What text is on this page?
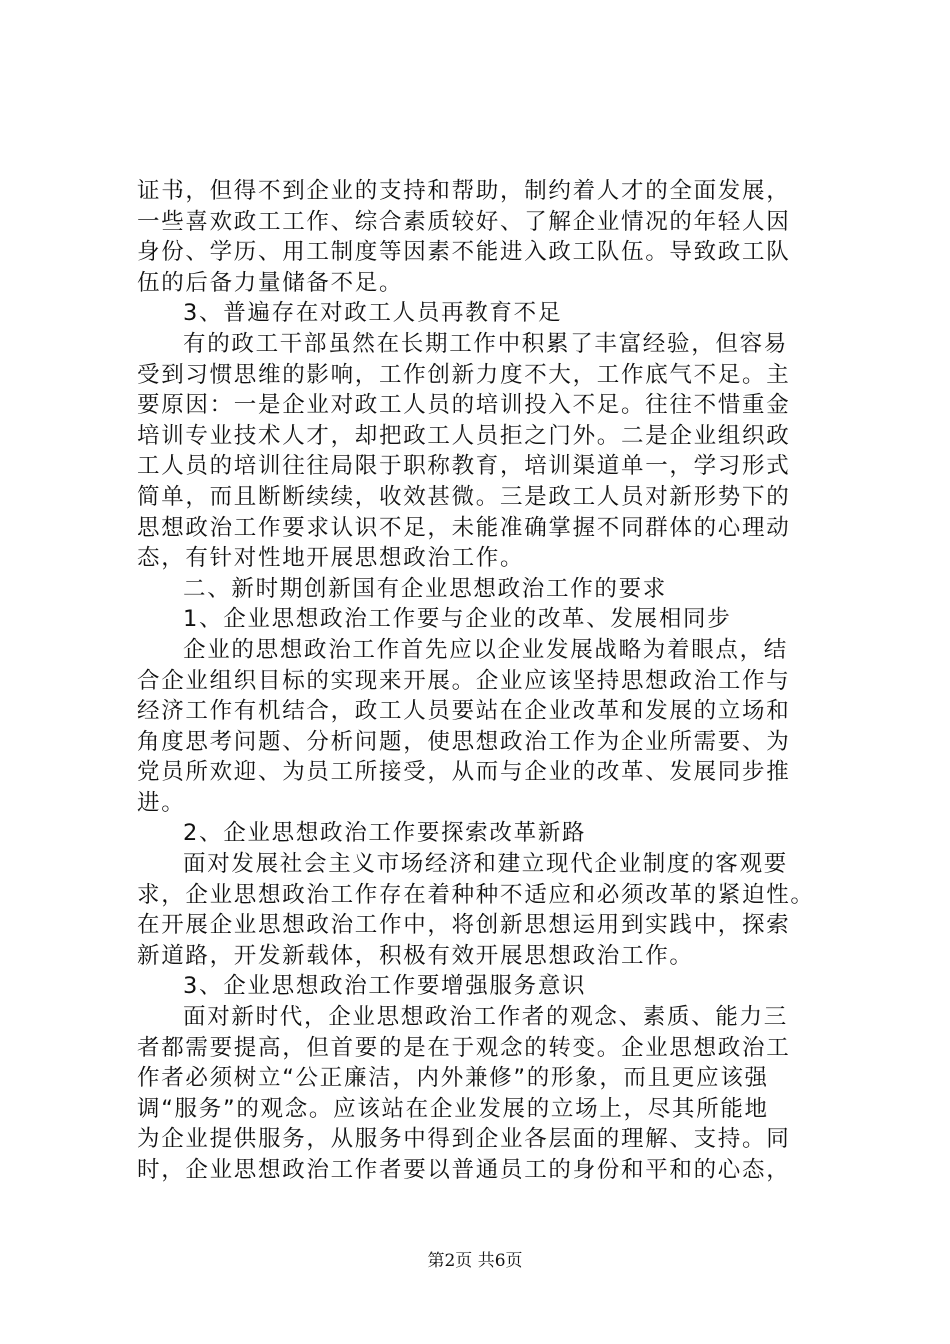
证书，但得不到企业的支持和帮助，制约着人才的全面发展，
一些喜欢政工工作、综合素质较好、了解企业情况的年轻人因
身份、学历、用工制度等因素不能进入政工队伍。导致政工队
伍的后备力量储备不足。
3、普遍存在对政工人员再教育不足
有的政工干部虽然在长期工作中积累了丰富经验，但容易
受到习惯思维的影响，工作创新力度不大，工作底气不足。主
要原因：一是企业对政工人员的培训投入不足。往往不惜重金
培训专业技术人才，却把政工人员拒之门外。二是企业组织政
工人员的培训往往局限于职称教育，培训渠道单一，学习形式
简单，而且断断续续，收效甚微。三是政工人员对新形势下的
思想政治工作要求认识不足，未能准确掌握不同群体的心理动
态，有针对性地开展思想政治工作。
二、新时期创新国有企业思想政治工作的要求
1、企业思想政治工作要与企业的改革、发展相同步
企业的思想政治工作首先应以企业发展战略为着眼点，结
合企业组织目标的实现来开展。企业应该坚持思想政治工作与
经济工作有机结合，政工人员要站在企业改革和发展的立场和
角度思考问题、分析问题，使思想政治工作为企业所需要、为
党员所欢迎、为员工所接受，从而与企业的改革、发展同步推
进。
2、企业思想政治工作要探索改革新路
面对发展社会主义市场经济和建立现代企业制度的客观要
求，企业思想政治工作存在着种种不适应和必须改革的紧迫性。
在开展企业思想政治工作中，将创新思想运用到实践中，探索
新道路，开发新载体，积极有效开展思想政治工作。
3、企业思想政治工作要增强服务意识
面对新时代，企业思想政治工作者的观念、素质、能力三
者都需要提高，但首要的是在于观念的转变。企业思想政治工
作者必须树立“公正廉洁，内外兼修”的形象，而且更应该强
调“服务”的观念。应该站在企业发展的立场上，尽其所能地
为企业提供服务，从服务中得到企业各层面的理解、支持。同
时，企业思想政治工作者要以普通员工的身份和平和的心态，
第2页 共6页
